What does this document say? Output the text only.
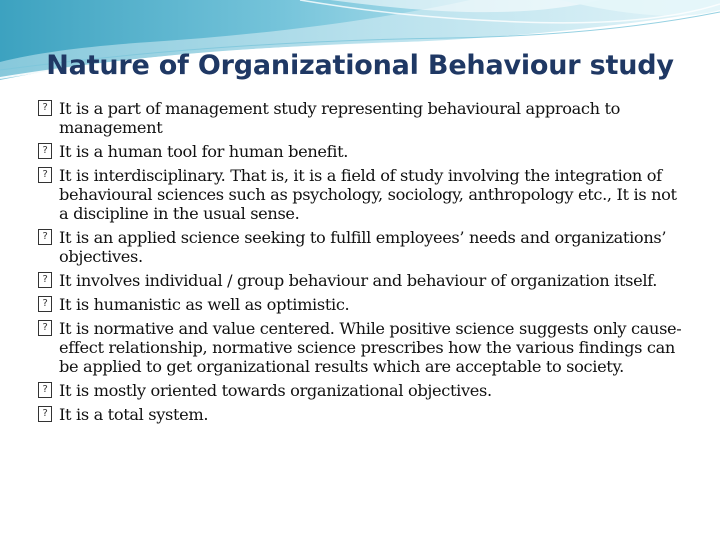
Nature of Organizational Behaviour study
? It is a part of management study representing behavioural approach to management
? It is a human tool for human benefit.
? It is interdisciplinary. That is, it is a field of study involving the integration of behavioural sciences such as psychology, sociology, anthropology etc., It is not a discipline in the usual sense.
? It is an applied science seeking to fulfill employees’ needs and organizations’ objectives.
? It involves individual / group behaviour and behaviour of organization itself.
? It is humanistic as well as optimistic.
? It is normative and value centered. While positive science suggests only cause-effect relationship, normative science prescribes how the various findings can be applied to get organizational results which are acceptable to society.
? It is mostly oriented towards organizational objectives.
? It is a total system.
